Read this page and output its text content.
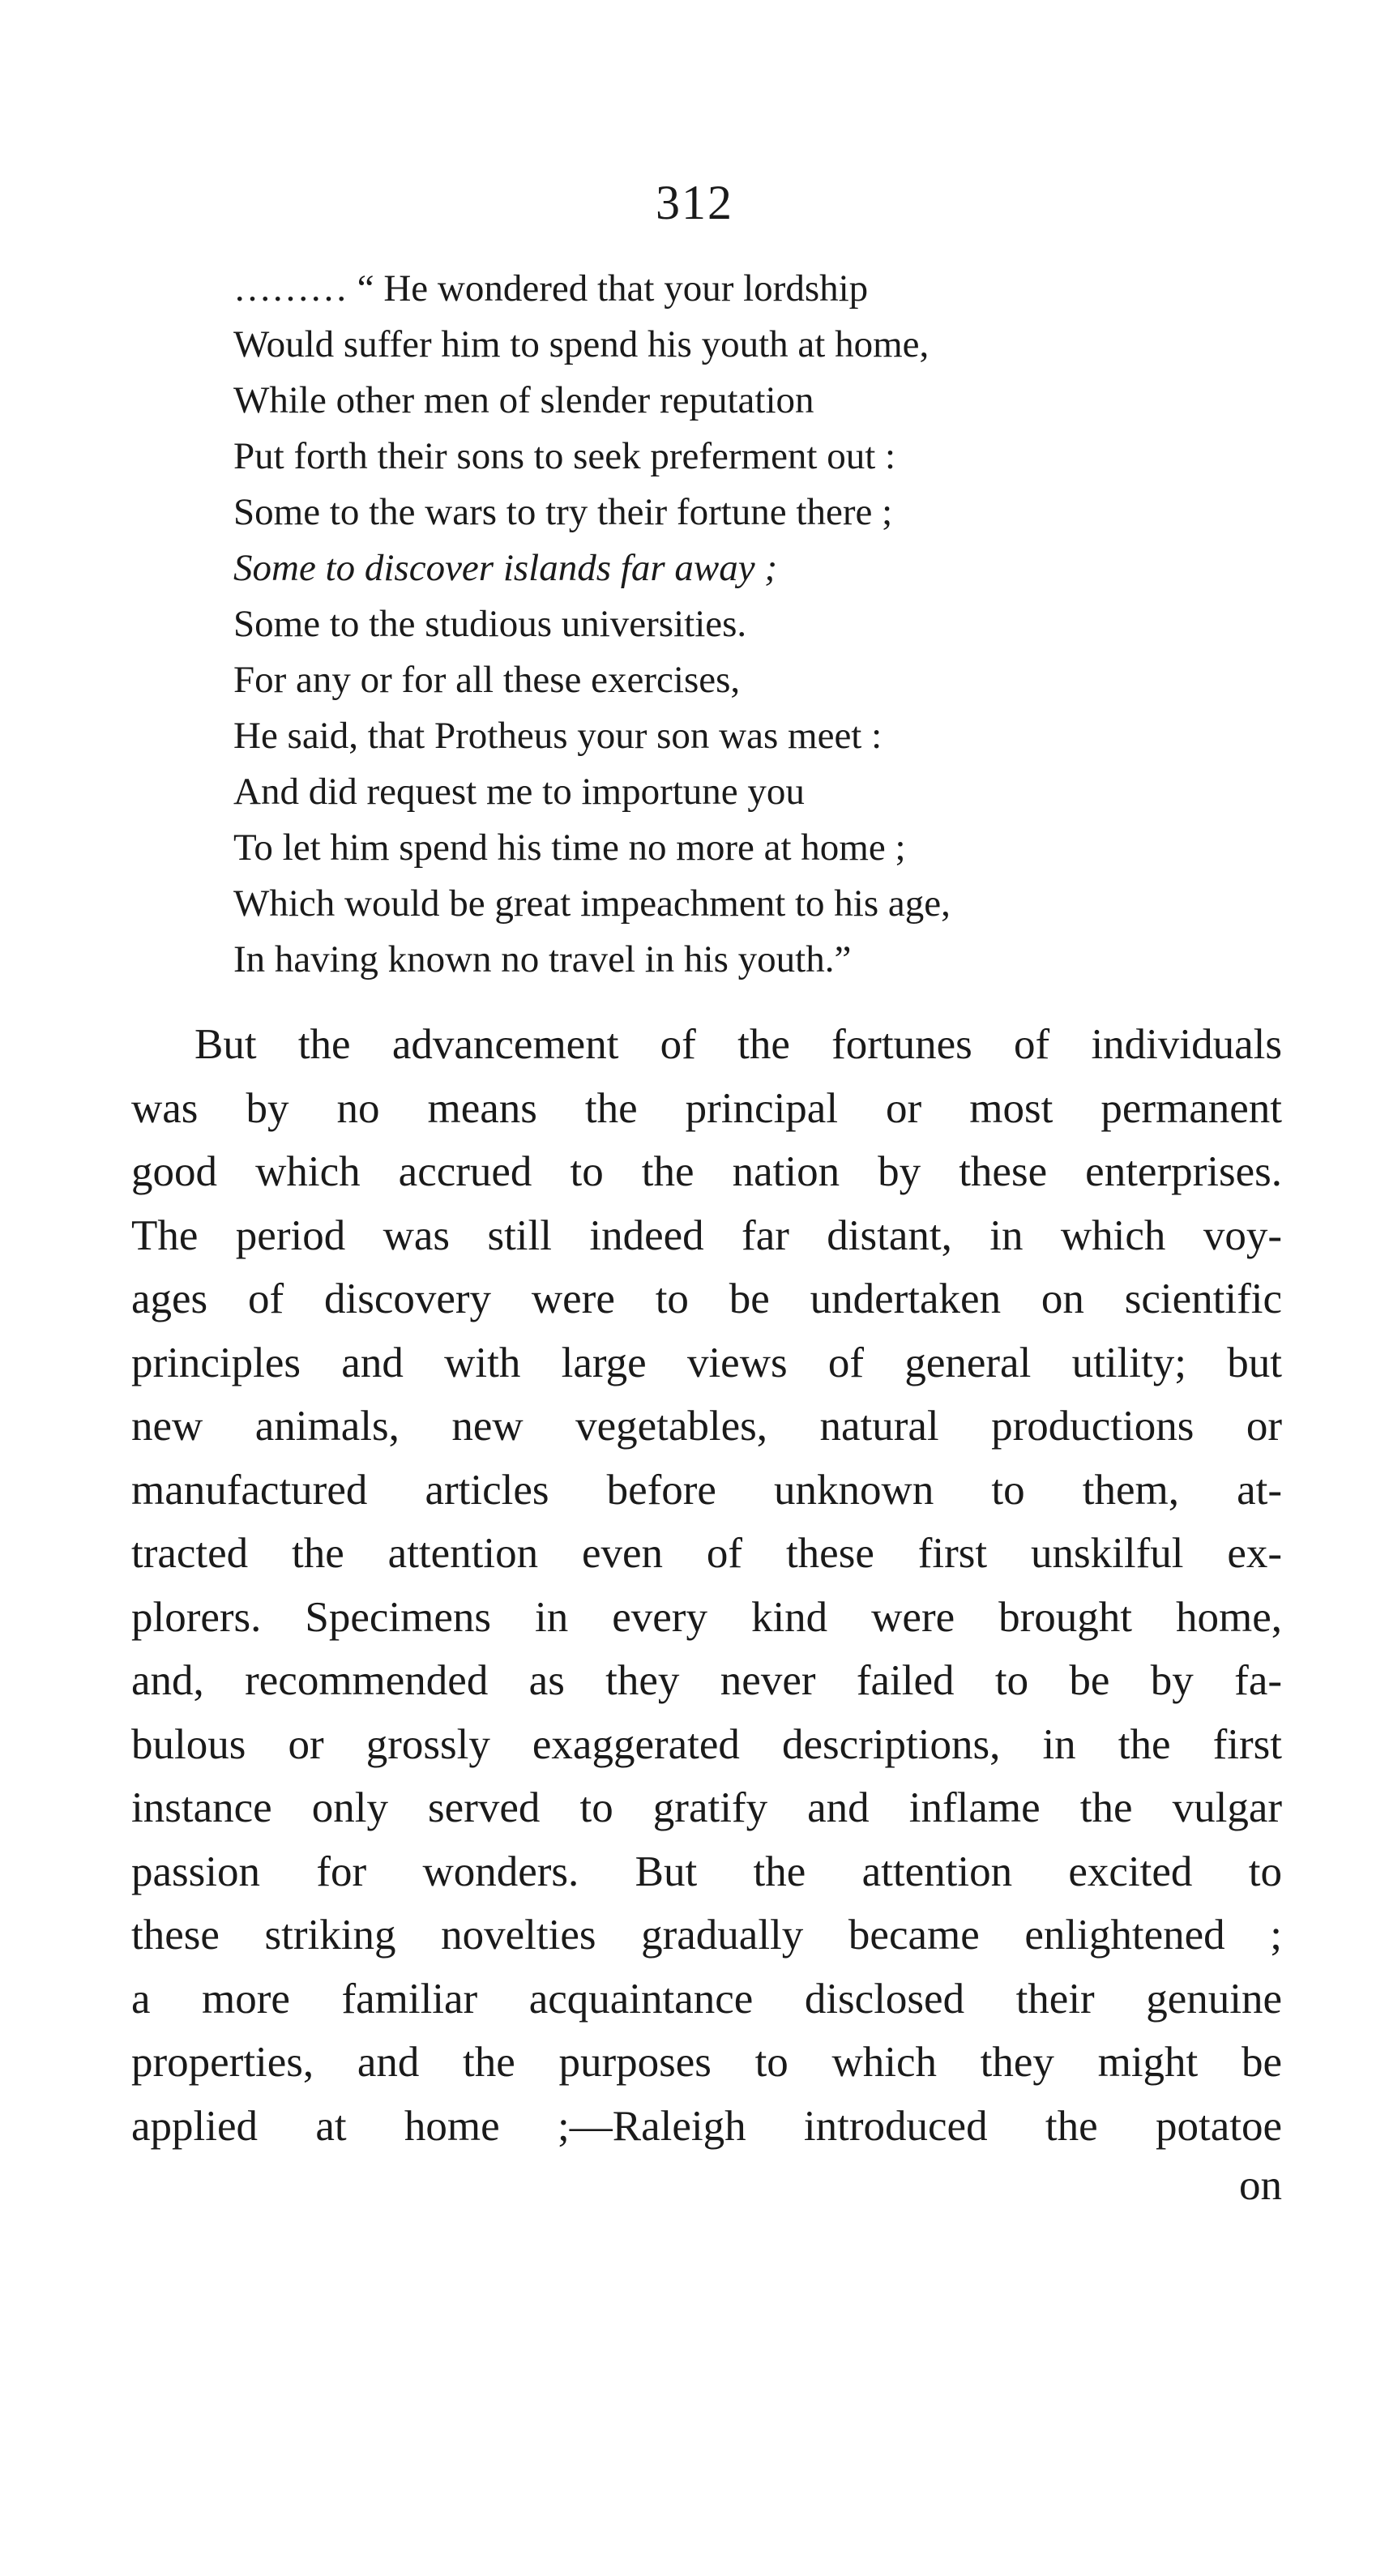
312
……… “ He wondered that your lordship
Would suffer him to spend his youth at home,
While other men of slender reputation
Put forth their sons to seek preferment out :
Some to the wars to try their fortune there ;
Some to discover islands far away ;
Some to the studious universities.
For any or for all these exercises,
He said, that Protheus your son was meet :
And did request me to importune you
To let him spend his time no more at home ;
Which would be great impeachment to his age,
In having known no travel in his youth.”
But the advancement of the fortunes of individuals
was by no means the principal or most permanent
good which accrued to the nation by these enterprises.
The period was still indeed far distant, in which voy-
ages of discovery were to be undertaken on scientific
principles and with large views of general utility; but
new animals, new vegetables, natural productions or
manufactured articles before unknown to them, at-
tracted the attention even of these first unskilful ex-
plorers. Specimens in every kind were brought home,
and, recommended as they never failed to be by fa-
bulous or grossly exaggerated descriptions, in the first
instance only served to gratify and inflame the vulgar
passion for wonders. But the attention excited to
these striking novelties gradually became enlightened ;
a more familiar acquaintance disclosed their genuine
properties, and the purposes to which they might be
applied at home ;—Raleigh introduced the potatoe
on
